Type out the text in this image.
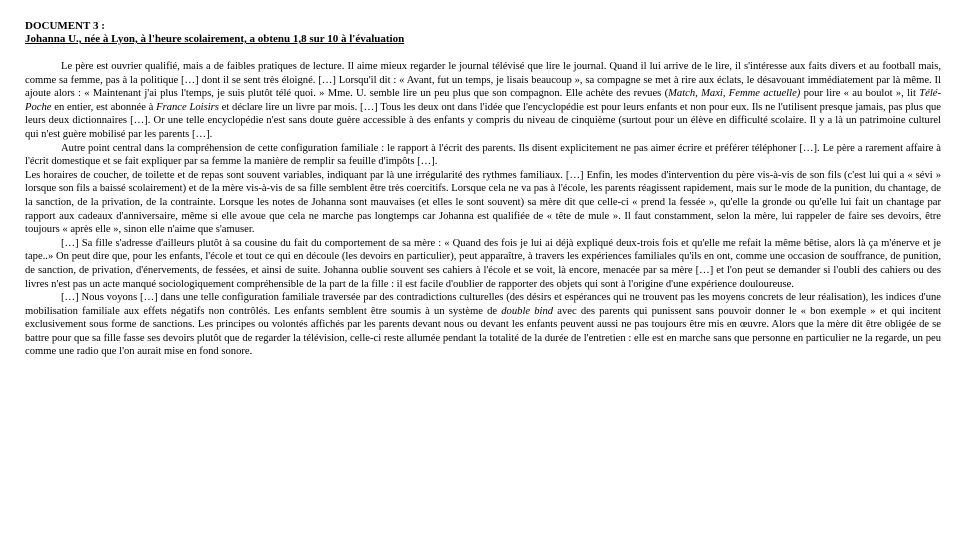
DOCUMENT 3 :

Johanna U., née à Lyon, à l'heure scolairement, a obtenu 1,8 sur 10 à l'évaluation

Le père est ouvrier qualifié, mais a de faibles pratiques de lecture. Il aime mieux regarder le journal télévisé que lire le journal. Quand il lui arrive de le lire, il s'intéresse aux faits divers et au football mais, comme sa femme, pas à la politique […] dont il se sent très éloigné. […] Lorsqu'il dit : « Avant, fut un temps, je lisais beaucoup », sa compagne se met à rire aux éclats, le désavouant immédiatement par là même. Il ajoute alors : « Maintenant j'ai plus l'temps, je suis plutôt télé quoi. » Mme. U. semble lire un peu plus que son compagnon. Elle achète des revues (Match, Maxi, Femme actuelle) pour lire « au boulot », lit Télé-Poche en entier, est abonnée à France Loisirs et déclare lire un livre par mois. […] Tous les deux ont dans l'idée que l'encyclopédie est pour leurs enfants et non pour eux. Ils ne l'utilisent presque jamais, pas plus que leurs deux dictionnaires […]. Or une telle encyclopédie n'est sans doute guère accessible à des enfants y compris du niveau de cinquième (surtout pour un élève en difficulté scolaire. Il y a là un patrimoine culturel qui n'est guère mobilisé par les parents […].

Autre point central dans la compréhension de cette configuration familiale : le rapport à l'écrit des parents. Ils disent explicitement ne pas aimer écrire et préférer téléphoner […]. Le père a rarement affaire à l'écrit domestique et se fait expliquer par sa femme la manière de remplir sa feuille d'impôts […].

Les horaires de coucher, de toilette et de repas sont souvent variables, indiquant par là une irrégularité des rythmes familiaux. […] Enfin, les modes d'intervention du père vis-à-vis de son fils (c'est lui qui a « sévi » lorsque son fils a baissé scolairement) et de la mère vis-à-vis de sa fille semblent être très coercitifs. Lorsque cela ne va pas à l'école, les parents réagissent rapidement, mais sur le mode de la punition, du chantage, de la sanction, de la privation, de la contrainte. Lorsque les notes de Johanna sont mauvaises (et elles le sont souvent) sa mère dit que celle-ci « prend la fessée », qu'elle la gronde ou qu'elle lui fait un chantage par rapport aux cadeaux d'anniversaire, même si elle avoue que cela ne marche pas longtemps car Johanna est qualifiée de « tête de mule ». Il faut constamment, selon la mère, lui rappeler de faire ses devoirs, être toujours « après elle », sinon elle n'aime que s'amuser.

[…] Sa fille s'adresse d'ailleurs plutôt à sa cousine du fait du comportement de sa mère : « Quand des fois je lui ai déjà expliqué deux-trois fois et qu'elle me refait la même bêtise, alors là ça m'énerve et je tape..» On peut dire que, pour les enfants, l'école et tout ce qui en découle (les devoirs en particulier), peut apparaître, à travers les expériences familiales qu'ils en ont, comme une occasion de souffrance, de punition, de sanction, de privation, d'énervements, de fessées, et ainsi de suite. Johanna oublie souvent ses cahiers à l'école et se voit, là encore, menacée par sa mère […] et l'on peut se demander si l'oubli des cahiers ou des livres n'est pas un acte manqué sociologiquement compréhensible de la part de la fille : il est facile d'oublier de rapporter des objets qui sont à l'origine d'une expérience douloureuse.

[…] Nous voyons […] dans une telle configuration familiale traversée par des contradictions culturelles (des désirs et espérances qui ne trouvent pas les moyens concrets de leur réalisation), les indices d'une mobilisation familiale aux effets négatifs non contrôlés. Les enfants semblent être soumis à un système de double bind avec des parents qui punissent sans pouvoir donner le « bon exemple » et qui incitent exclusivement sous forme de sanctions. Les principes ou volontés affichés par les parents devant nous ou devant les enfants peuvent aussi ne pas toujours être mis en œuvre. Alors que la mère dit être obligée de se battre pour que sa fille fasse ses devoirs plutôt que de regarder la télévision, celle-ci reste allumée pendant la totalité de la durée de l'entretien : elle est en marche sans que personne en particulier ne la regarde, un peu comme une radio que l'on aurait mise en fond sonore.
